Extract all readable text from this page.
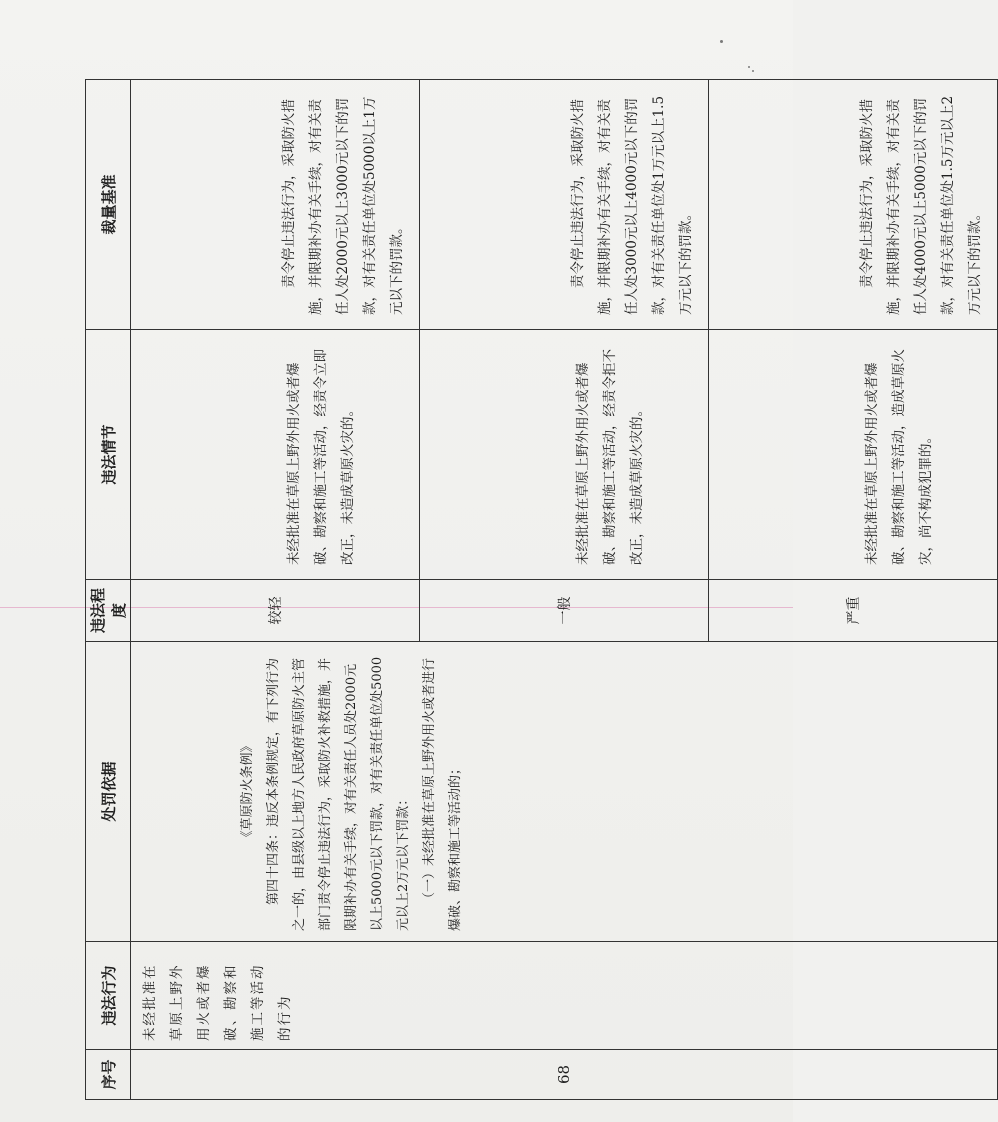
序号	违法行为	处罚依据	违法程度	违法情节	裁量基准
68	未经批准在草原上野外用火或者爆破、勘察和施工等活动的行为	《草原防火条例》 第四十四条：违反本条例规定，有下列行为之一的，由县级以上地方人民政府草原防火主管部门责令停止违法行为，采取防火补救措施，并限期补办有关手续，对有关责任人员处2000元以上5000元以下罚款，对有关责任单位处5000元以上2万元以下罚款： （一）未经批准在草原上野外用火或者进行爆破、勘察和施工等活动的；	较轻	未经批准在草原上野外用火或者爆破、勘察和施工等活动，经责令立即改正，未造成草原火灾的。	责令停止违法行为，采取防火措施，并限期补办有关手续，对有关责任人处2000元以上3000元以下的罚款，对有关责任单位处5000以上1万元以下的罚款。
			一般	未经批准在草原上野外用火或者爆破、勘察和施工等活动，经责令拒不改正，未造成草原火灾的。	责令停止违法行为，采取防火措施，并限期补办有关手续，对有关责任人处3000元以上4000元以下的罚款，对有关责任单位处1万元以上1.5万元以下的罚款。
			严重	未经批准在草原上野外用火或者爆破、勘察和施工等活动，造成草原火灾，尚不构成犯罪的。	责令停止违法行为，采取防火措施，并限期补办有关手续，对有关责任人处4000元以上5000元以下的罚款，对有关责任单位处1.5万元以上2万元以下的罚款。
